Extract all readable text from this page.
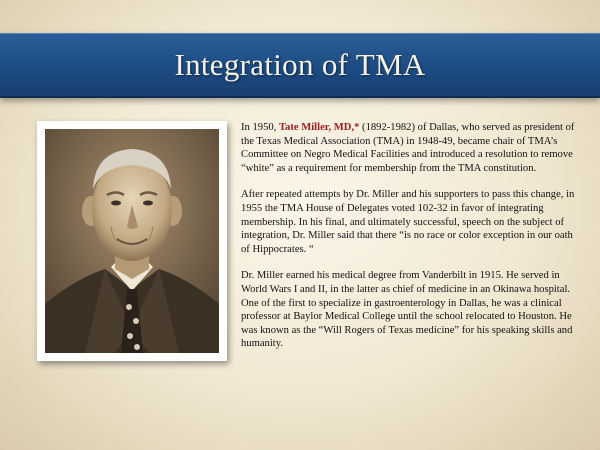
Integration of TMA

In 1950, Tate Miller, MD,* (1892-1982) of Dallas, who served as president of the Texas Medical Association (TMA) in 1948-49, became chair of TMA’s Committee on Negro Medical Facilities and introduced a resolution to remove “white” as a requirement for membership from the TMA constitution.

After repeated attempts by Dr. Miller and his supporters to pass this change, in 1955 the TMA House of Delegates voted 102-32 in favor of integrating membership. In his final, and ultimately successful, speech on the subject of integration, Dr. Miller said that there “is no race or color exception in our oath of Hippocrates. “

Dr. Miller earned his medical degree from Vanderbilt in 1915. He served in World Wars I and II, in the latter as chief of medicine in an Okinawa hospital. One of the first to specialize in gastroenterology in Dallas, he was a clinical professor at Baylor Medical College until the school relocated to Houston. He was known as the “Will Rogers of Texas medicine” for his speaking skills and humanity.
